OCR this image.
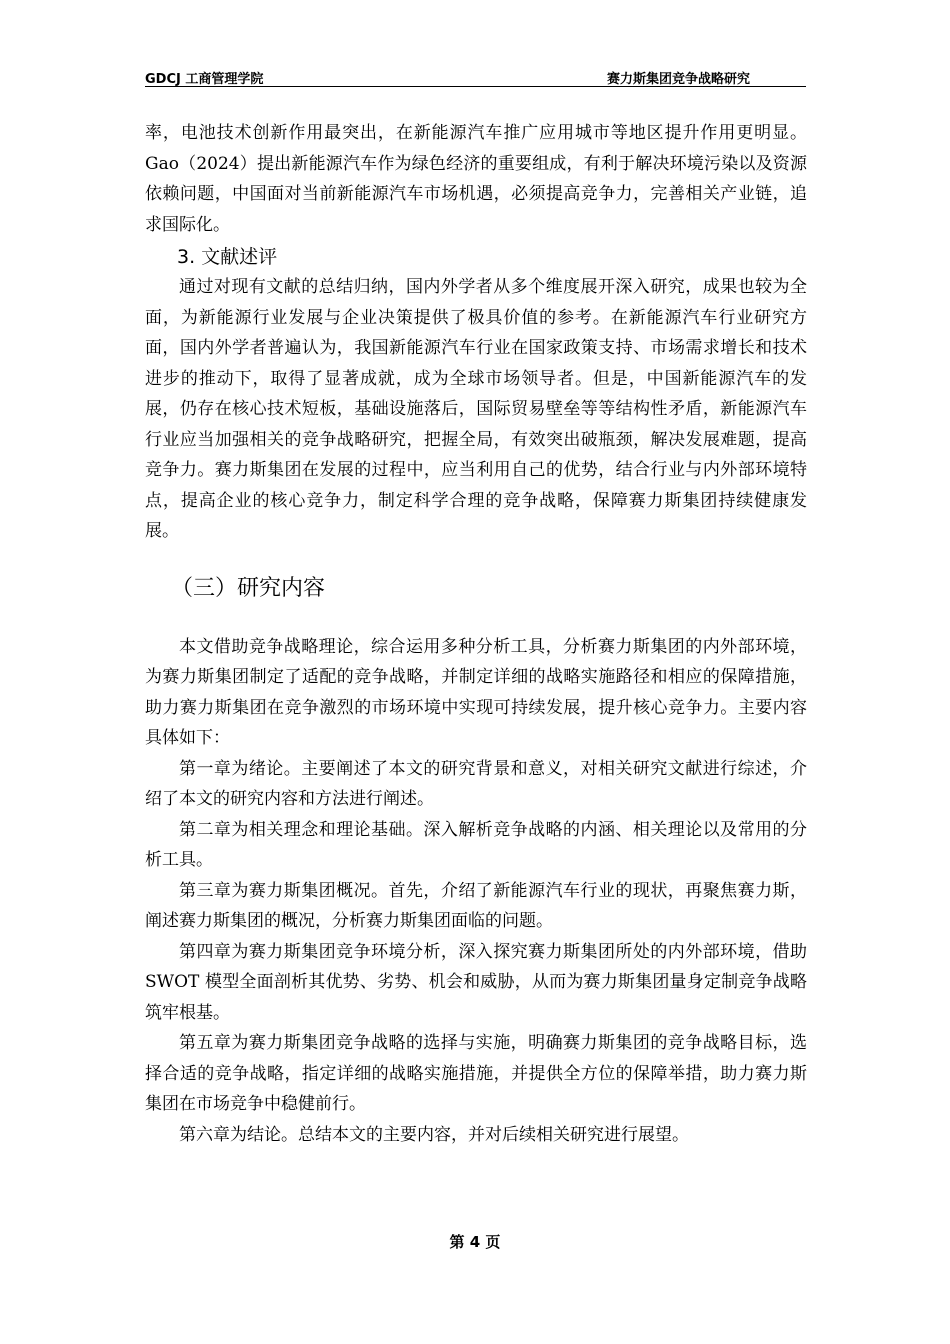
GDCJ 工商管理学院	赛力斯集团竞争战略研究

率，电池技术创新作用最突出，在新能源汽车推广应用城市等地区提升作用更明显。Gao（2024）提出新能源汽车作为绿色经济的重要组成，有利于解决环境污染以及资源依赖问题，中国面对当前新能源汽车市场机遇，必须提高竞争力，完善相关产业链，追求国际化。

3. 文献述评

通过对现有文献的总结归纳，国内外学者从多个维度展开深入研究，成果也较为全面，为新能源行业发展与企业决策提供了极具价值的参考。在新能源汽车行业研究方面，国内外学者普遍认为，我国新能源汽车行业在国家政策支持、市场需求增长和技术进步的推动下，取得了显著成就，成为全球市场领导者。但是，中国新能源汽车的发展，仍存在核心技术短板，基础设施落后，国际贸易壁垒等等结构性矛盾，新能源汽车行业应当加强相关的竞争战略研究，把握全局，有效突出破瓶颈，解决发展难题，提高竞争力。赛力斯集团在发展的过程中，应当利用自己的优势，结合行业与内外部环境特点，提高企业的核心竞争力，制定科学合理的竞争战略，保障赛力斯集团持续健康发展。

（三）研究内容

本文借助竞争战略理论，综合运用多种分析工具，分析赛力斯集团的内外部环境，为赛力斯集团制定了适配的竞争战略，并制定详细的战略实施路径和相应的保障措施，助力赛力斯集团在竞争激烈的市场环境中实现可持续发展，提升核心竞争力。主要内容具体如下：

第一章为绪论。主要阐述了本文的研究背景和意义，对相关研究文献进行综述，介绍了本文的研究内容和方法进行阐述。

第二章为相关理念和理论基础。深入解析竞争战略的内涵、相关理论以及常用的分析工具。

第三章为赛力斯集团概况。首先，介绍了新能源汽车行业的现状，再聚焦赛力斯，阐述赛力斯集团的概况，分析赛力斯集团面临的问题。

第四章为赛力斯集团竞争环境分析，深入探究赛力斯集团所处的内外部环境，借助 SWOT 模型全面剖析其优势、劣势、机会和威胁，从而为赛力斯集团量身定制竞争战略筑牢根基。

第五章为赛力斯集团竞争战略的选择与实施，明确赛力斯集团的竞争战略目标，选择合适的竞争战略，指定详细的战略实施措施，并提供全方位的保障举措，助力赛力斯集团在市场竞争中稳健前行。

第六章为结论。总结本文的主要内容，并对后续相关研究进行展望。

第 4 页
